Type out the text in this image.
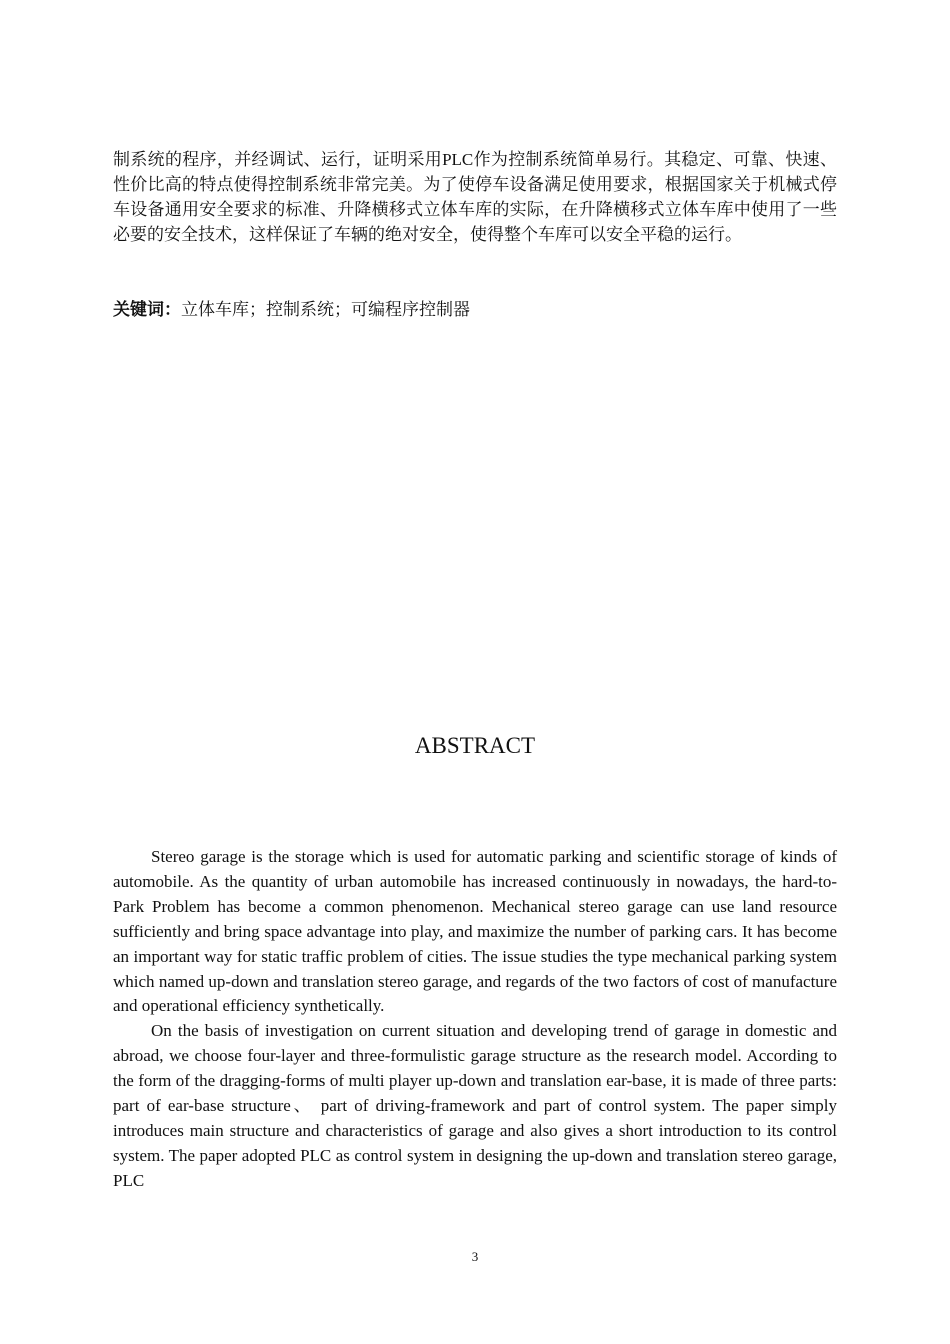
制系统的程序，并经调试、运行，证明采用PLC作为控制系统简单易行。其稳定、可靠、快速、性价比高的特点使得控制系统非常完美。为了使停车设备满足使用要求，根据国家关于机械式停车设备通用安全要求的标准、升降横移式立体车库的实际，在升降横移式立体车库中使用了一些必要的安全技术，这样保证了车辆的绝对安全，使得整个车库可以安全平稳的运行。

关键词：立体车库；控制系统；可编程序控制器
ABSTRACT

Stereo garage is the storage which is used for automatic parking and scientific storage of kinds of automobile. As the quantity of urban automobile has increased continuously in nowadays, the hard-to-Park Problem has become a common phenomenon. Mechanical stereo garage can use land resource sufficiently and bring space advantage into play, and maximize the number of parking cars. It has become an important way for static traffic problem of cities. The issue studies the type mechanical parking system which named up-down and translation stereo garage, and regards of the two factors of cost of manufacture and operational efficiency synthetically.

On the basis of investigation on current situation and developing trend of garage in domestic and abroad, we choose four-layer and three-formulistic garage structure as the research model. According to the form of the dragging-forms of multi player up-down and translation ear-base, it is made of three parts: part of ear-base structure、 part of driving-framework and part of control system. The paper simply introduces main structure and characteristics of garage and also gives a short introduction to its control system. The paper adopted PLC as control system in designing the up-down and translation stereo garage, PLC

3
